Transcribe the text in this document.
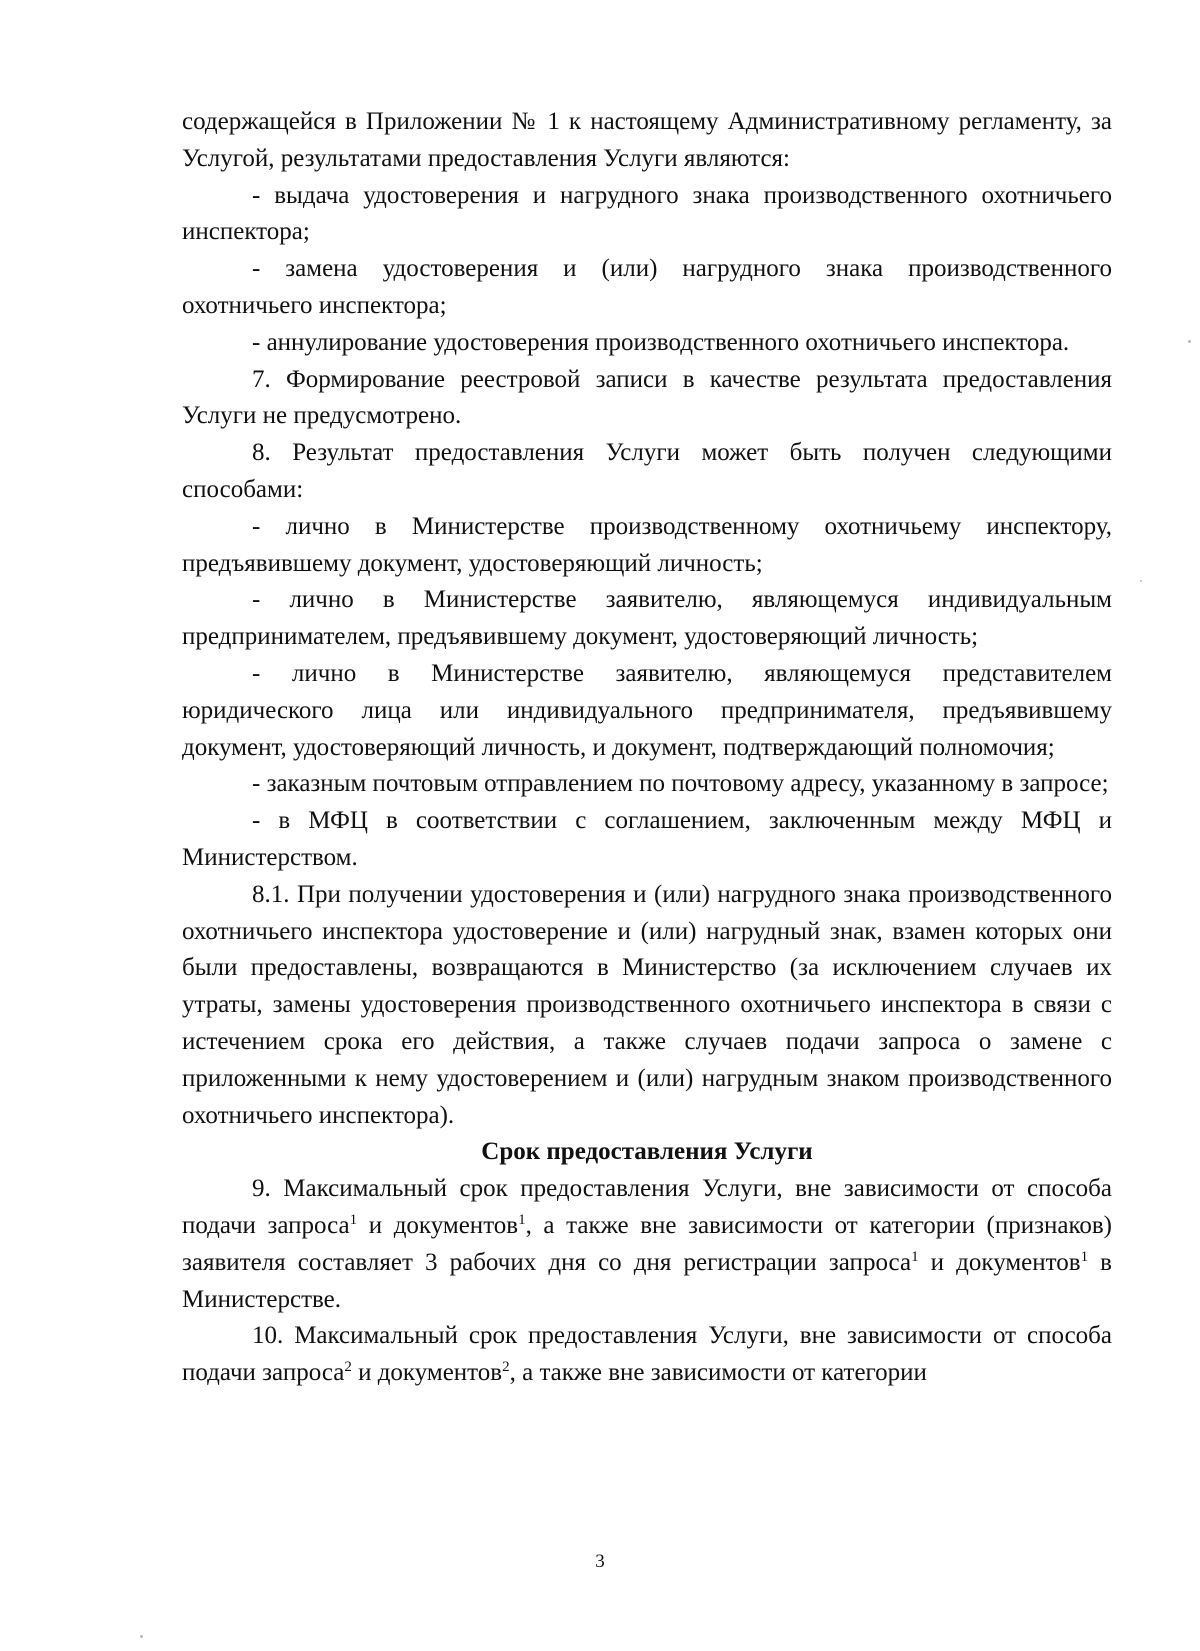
содержащейся в Приложении № 1 к настоящему Административному регламенту, за Услугой, результатами предоставления Услуги являются:

- выдача удостоверения и нагрудного знака производственного охотничьего инспектора;

- замена удостоверения и (или) нагрудного знака производственного охотничьего инспектора;

- аннулирование удостоверения производственного охотничьего инспектора.

7. Формирование реестровой записи в качестве результата предоставления Услуги не предусмотрено.

8. Результат предоставления Услуги может быть получен следующими способами:

- лично в Министерстве производственному охотничьему инспектору, предъявившему документ, удостоверяющий личность;

- лично в Министерстве заявителю, являющемуся индивидуальным предпринимателем, предъявившему документ, удостоверяющий личность;

- лично в Министерстве заявителю, являющемуся представителем юридического лица или индивидуального предпринимателя, предъявившему документ, удостоверяющий личность, и документ, подтверждающий полномочия;

- заказным почтовым отправлением по почтовому адресу, указанному в запросе;

- в МФЦ в соответствии с соглашением, заключенным между МФЦ и Министерством.

8.1. При получении удостоверения и (или) нагрудного знака производственного охотничьего инспектора удостоверение и (или) нагрудный знак, взамен которых они были предоставлены, возвращаются в Министерство (за исключением случаев их утраты, замены удостоверения производственного охотничьего инспектора в связи с истечением срока его действия, а также случаев подачи запроса о замене с приложенными к нему удостоверением и (или) нагрудным знаком производственного охотничьего инспектора).

Срок предоставления Услуги

9. Максимальный срок предоставления Услуги, вне зависимости от способа подачи запроса$^1$ и документов$^1$, а также вне зависимости от категории (признаков) заявителя составляет 3 рабочих дня со дня регистрации запроса$^1$ и документов$^1$ в Министерстве.

10. Максимальный срок предоставления Услуги, вне зависимости от способа подачи запроса$^2$ и документов$^2$, а также вне зависимости от категории

3
